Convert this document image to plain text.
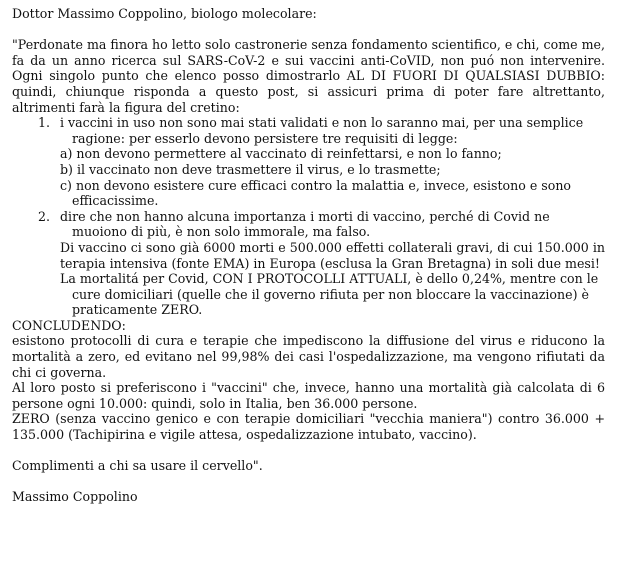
Dottor Massimo Coppolino, biologo molecolare:

"Perdonate ma finora ho letto solo castronerie senza fondamento scientifico, e chi, come me, fa da un anno ricerca sul SARS-CoV-2 e sui vaccini anti-CoVID, non puó non intervenire. Ogni singolo punto che elenco posso dimostrarlo AL DI FUORI DI QUALSIASI DUBBIO: quindi, chiunque risponda a questo post, si assicuri prima di poter fare altrettanto, altrimenti farà la figura del cretino:

1. i vaccini in uso non sono mai stati validati e non lo saranno mai, per una semplice

ragione: per esserlo devono persistere tre requisiti di legge:

a) non devono permettere al vaccinato di reinfettarsi, e non lo fanno;

b) il vaccinato non deve trasmettere il virus, e lo trasmette;

c) non devono esistere cure efficaci contro la malattia e, invece, esistono e sono

efficacissime.

2. dire che non hanno alcuna importanza i morti di vaccino, perché di Covid ne

muoiono di più, è non solo immorale, ma falso.

Di vaccino ci sono già 6000 morti e 500.000 effetti collaterali gravi, di cui 150.000 in terapia intensiva (fonte EMA) in Europa (esclusa la Gran Bretagna) in soli due mesi!

La mortalitá per Covid, CON I PROTOCOLLI ATTUALI, è dello 0,24%, mentre con le

cure domiciliari (quelle che il governo rifiuta per non bloccare la vaccinazione) è

praticamente ZERO.

CONCLUDENDO:

esistono protocolli di cura e terapie che impediscono la diffusione del virus e riducono la mortalità a zero, ed evitano nel 99,98% dei casi l'ospedalizzazione, ma vengono rifiutati da chi ci governa.

Al loro posto si preferiscono i "vaccini" che, invece, hanno una mortalità già calcolata di 6 persone ogni 10.000: quindi, solo in Italia, ben 36.000 persone.

ZERO (senza vaccino genico e con terapie domiciliari "vecchia maniera") contro 36.000 + 135.000 (Tachipirina e vigile attesa, ospedalizzazione intubato, vaccino).

Complimenti a chi sa usare il cervello".

Massimo Coppolino
